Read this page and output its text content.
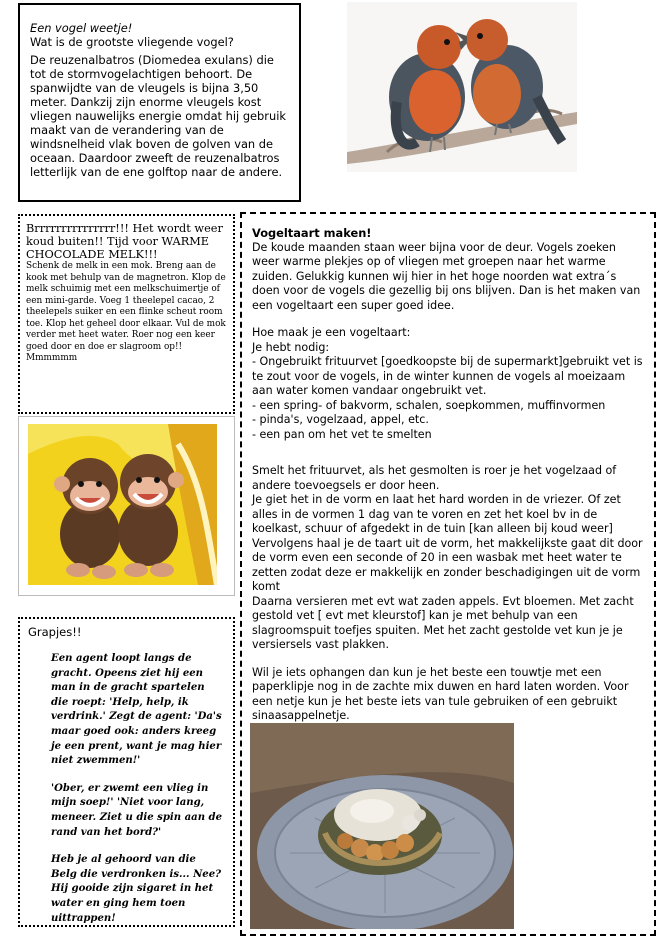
Een vogel weetje!

Wat is de grootste vliegende vogel?

De reuzenalbatros (Diomedea exulans) die tot de stormvogelachtigen behoort. De spanwijdte van de vleugels is bijna 3,50 meter. Dankzij zijn enorme vleugels kost vliegen nauwelijks energie omdat hij gebruik maakt van de verandering van de windsnelheid vlak boven de golven van de oceaan. Daardoor zweeft de reuzenalbatros letterlijk van de ene golftop naar de andere.

Brrrrrrrrrrrrrrr!!! Het wordt weer koud buiten!! Tijd voor WARME CHOCOLADE MELK!!!

Schenk de melk in een mok. Breng aan de kook met behulp van de magnetron. Klop de melk schuimig met een melkschuimertje of een mini-garde. Voeg 1 theelepel cacao, 2 theelepels suiker en een flinke scheut room toe. Klop het geheel door elkaar. Vul de mok verder met heet water. Roer nog een keer goed door en doe er slagroom op!! Mmmmmm

Grapjes!!

Een agent loopt langs de gracht. Opeens ziet hij een man in de gracht spartelen die roept: 'Help, help, ik verdrink.' Zegt de agent: 'Da's maar goed ook: anders kreeg je een prent, want je mag hier niet zwemmen!'

'Ober, er zwemt een vlieg in mijn soep!' 'Niet voor lang, meneer. Ziet u die spin aan de rand van het bord?'

Heb je al gehoord van die Belg die verdronken is... Nee? Hij gooide zijn sigaret in het water en ging hem toen uittrappen!

Vogeltaart maken!

De koude maanden staan weer bijna voor de deur. Vogels zoeken weer warme plekjes op of vliegen met groepen naar het warme zuiden. Gelukkig kunnen wij hier in het hoge noorden wat extra´s doen voor de vogels die gezellig bij ons blijven. Dan is het maken van een vogeltaart een super goed idee.

Hoe maak je een vogeltaart:

Je hebt nodig:

- Ongebruikt frituurvet [goedkoopste bij de supermarkt]gebruikt vet is te zout voor de vogels, in de winter kunnen de vogels al moeizaam aan water komen vandaar ongebruikt vet.

- een spring- of bakvorm, schalen, soepkommen, muffinvormen

- pinda's, vogelzaad, appel, etc.

- een pan om het vet te smelten

Smelt het frituurvet, als het gesmolten is roer je het vogelzaad of andere toevoegsels er door heen.

Je giet het in de vorm en laat het hard worden in de vriezer. Of zet alles in de vormen 1 dag van te voren en zet het koel bv in de koelkast, schuur of afgedekt in de tuin [kan alleen bij koud weer]

Vervolgens haal je de taart uit de vorm, het makkelijkste gaat dit door de vorm even een seconde of 20 in een wasbak met heet water te zetten zodat deze er makkelijk en zonder beschadigingen uit de vorm komt

Daarna versieren met evt wat zaden appels. Evt bloemen. Met zacht gestold vet [ evt met kleurstof] kan je met behulp van een slagroomspuit toefjes spuiten. Met het zacht gestolde vet kun je je versiersels vast plakken.

Wil je iets ophangen dan kun je het beste een touwtje met een paperklipje nog in de zachte mix duwen en hard laten worden. Voor een netje kun je het beste iets van tule gebruiken of een gebruikt sinaasappelnetje.
